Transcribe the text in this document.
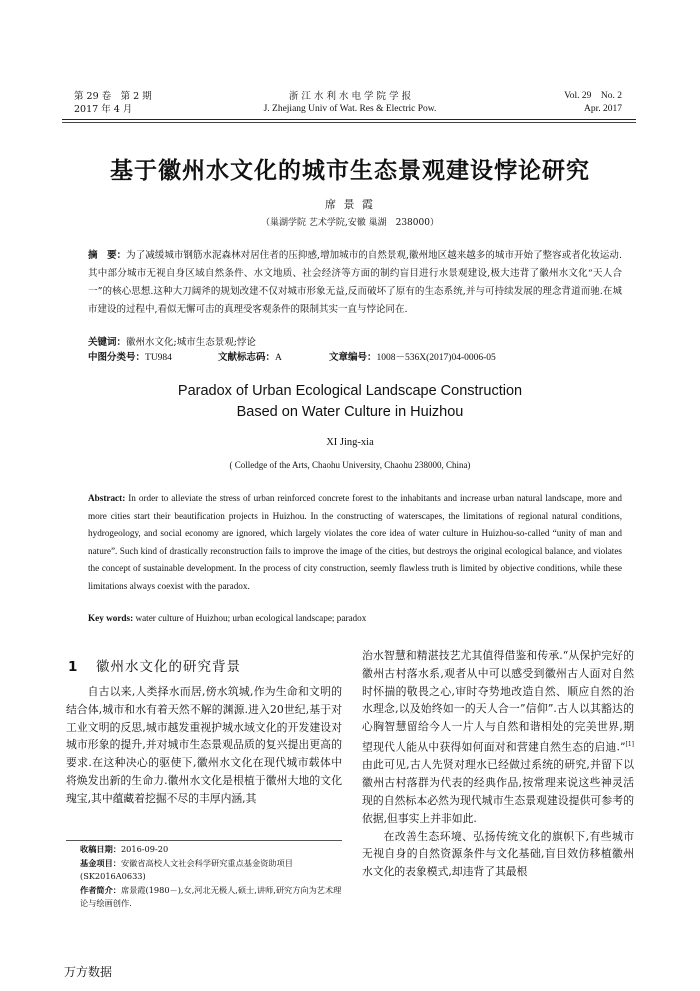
第 29 卷　第 2 期
2017 年 4 月
浙 江 水 利 水 电 学 院 学 报
J. Zhejiang Univ of Wat. Res & Electric Pow.
Vol. 29　No. 2
Apr. 2017
基于徽州水文化的城市生态景观建设悖论研究
席 景 霞
（巢湖学院 艺术学院,安徽 巢湖　238000）
摘　要：为了减缓城市钢筋水泥森林对居住者的压抑感,增加城市的自然景观,徽州地区越来越多的城市开始了整容或者化妆运动.其中部分城市无视自身区域自然条件、水文地质、社会经济等方面的制约盲目进行水景观建设,极大违背了徽州水文化“天人合一”的核心思想.这种大刀阔斧的规划改建不仅对城市形象无益,反而破坏了原有的生态系统,并与可持续发展的理念背道而驰.在城市建设的过程中,看似无懈可击的真理受客观条件的限制其实一直与悖论同在.
关键词：徽州水文化;城市生态景观;悖论
中图分类号：TU984	文献标志码：A	文章编号：1008－536X(2017)04-0006-05
Paradox of Urban Ecological Landscape Construction
Based on Water Culture in Huizhou
XI Jing-xia
( Colledge of the Arts, Chaohu University, Chaohu 238000, China)
Abstract: In order to alleviate the stress of urban reinforced concrete forest to the inhabitants and increase urban natural landscape, more and more cities start their beautification projects in Huizhou. In the constructing of waterscapes, the limitations of regional natural conditions, hydrogeology, and social economy are ignored, which largely violates the core idea of water culture in Huizhou-so-called “unity of man and nature”. Such kind of drastically reconstruction fails to improve the image of the cities, but destroys the original ecological balance, and violates the concept of sustainable development. In the process of city construction, seemly flawless truth is limited by objective conditions, while these limitations always coexist with the paradox.
Key words: water culture of Huizhou; urban ecological landscape; paradox
1 徽州水文化的研究背景

自古以来,人类择水而居,傍水筑城,作为生命和文明的结合体,城市和水有着天然不解的渊源.进入20世纪,基于对工业文明的反思,城市越发重视护城水域文化的开发建设对城市形象的提升,并对城市生态景观品质的复兴提出更高的要求.在这种决心的驱使下,徽州水文化在现代城市载体中将焕发出新的生命力.徽州水文化是根植于徽州大地的文化瑰宝,其中蕴藏着挖掘不尽的丰厚内涵,其

收稿日期：2016-09-20
基金项目：安徽省高校人文社会科学研究重点基金资助项目(SK2016A0633)
作者简介：席景霞(1980－),女,河北无极人,硕士,讲师,研究方向为艺术理论与绘画创作.

治水智慧和精湛技艺尤其值得借鉴和传承.“从保护完好的徽州古村落水系,观者从中可以感受到徽州古人面对自然时怀揣的敬畏之心,审时夺势地改造自然、顺应自然的治水理念,以及始终如一的天人合一”信仰”.古人以其豁达的心胸智慧留给今人一片人与自然和谐相处的完美世界,期望现代人能从中获得如何面对和营建自然生态的启迪.”[1]由此可见,古人先贤对理水已经做过系统的研究,并留下以徽州古村落群为代表的经典作品,按常理来说这些神灵活现的自然标本必然为现代城市生态景观建设提供可参考的依据,但事实上并非如此.

在改善生态环境、弘扬传统文化的旗帜下,有些城市无视自身的自然资源条件与文化基础,盲目效仿移植徽州水文化的表象模式,却违背了其最根

万方数据
